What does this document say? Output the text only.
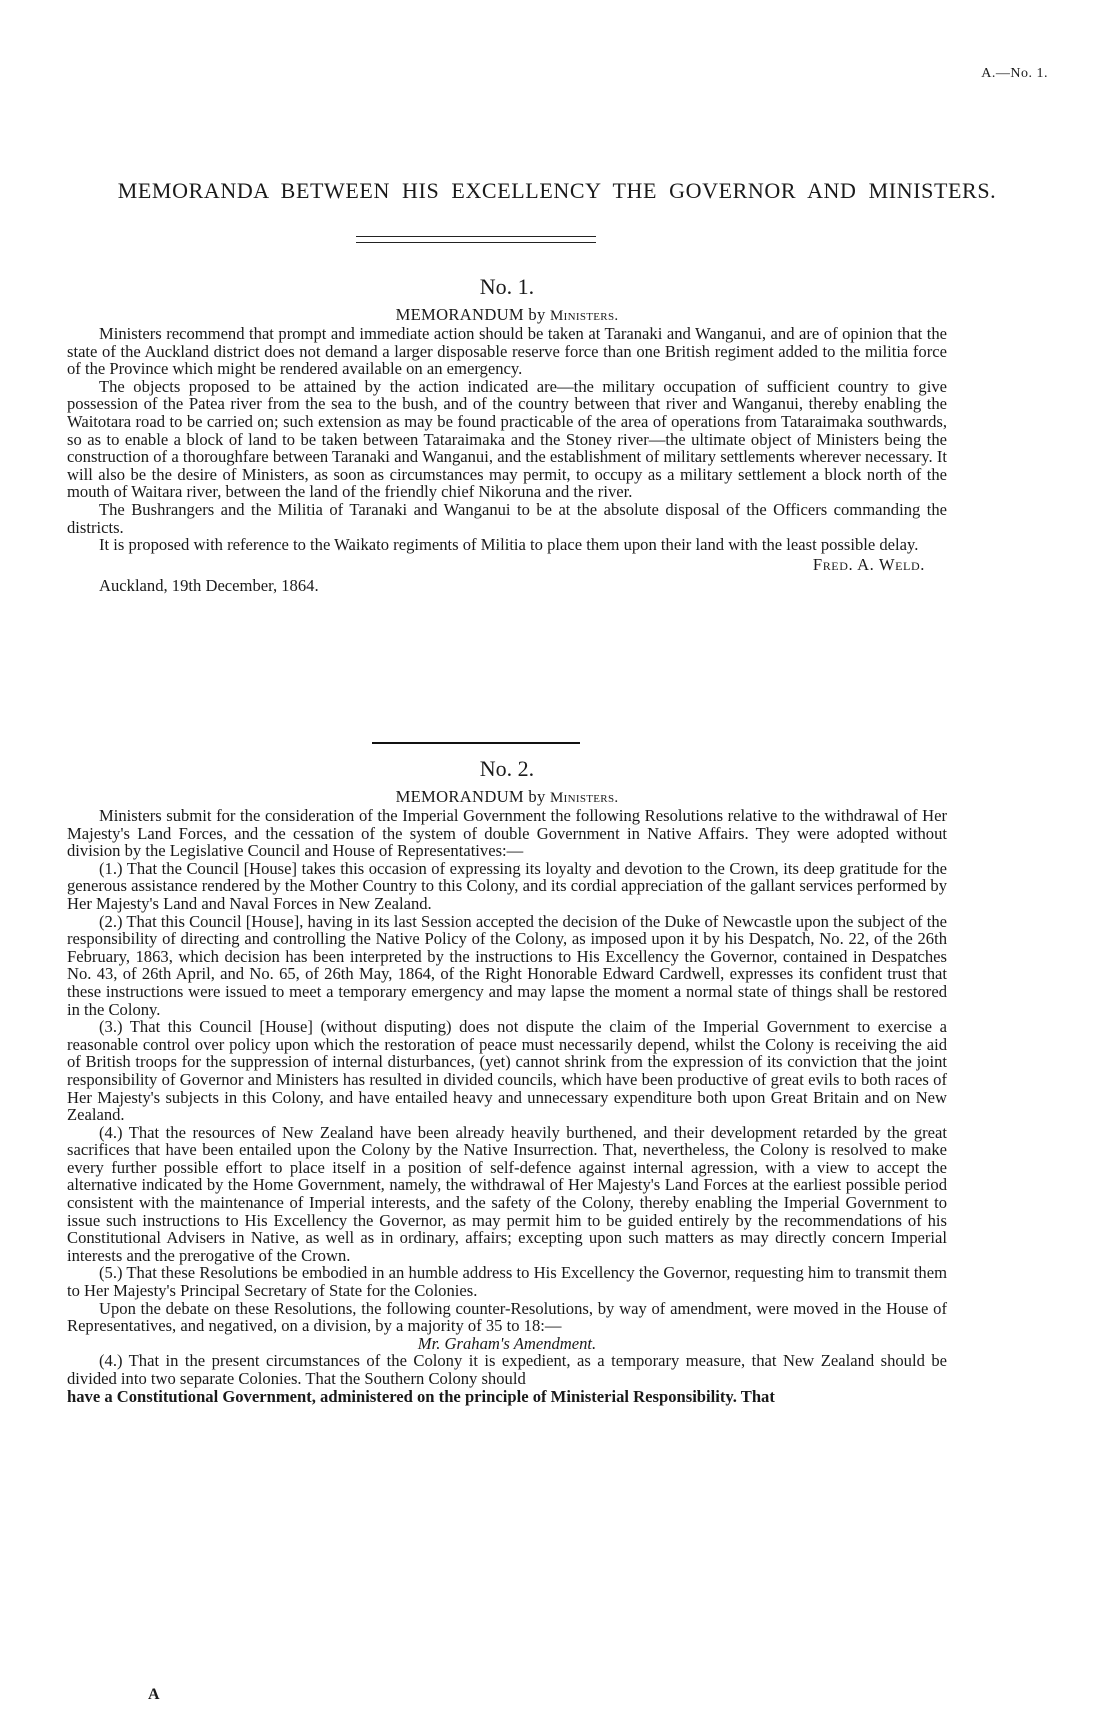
A.—No. 1.
MEMORANDA BETWEEN HIS EXCELLENCY THE GOVERNOR AND MINISTERS.
No. 1.
MEMORANDUM by Ministers.

Ministers recommend that prompt and immediate action should be taken at Taranaki and Wanganui, and are of opinion that the state of the Auckland district does not demand a larger disposable reserve force than one British regiment added to the militia force of the Province which might be rendered available on an emergency.

The objects proposed to be attained by the action indicated are—the military occupation of sufficient country to give possession of the Patea river from the sea to the bush, and of the country between that river and Wanganui, thereby enabling the Waitotara road to be carried on; such extension as may be found practicable of the area of operations from Tataraimaka southwards, so as to enable a block of land to be taken between Tataraimaka and the Stoney river—the ultimate object of Ministers being the construction of a thoroughfare between Taranaki and Wanganui, and the establishment of military settlements wherever necessary. It will also be the desire of Ministers, as soon as circumstances may permit, to occupy as a military settlement a block north of the mouth of Waitara river, between the land of the friendly chief Nikoruna and the river.

The Bushrangers and the Militia of Taranaki and Wanganui to be at the absolute disposal of the Officers commanding the districts.

It is proposed with reference to the Waikato regiments of Militia to place them upon their land with the least possible delay.

Fred. A. Weld.

Auckland, 19th December, 1864.

No. 2.
MEMORANDUM by Ministers.

Ministers submit for the consideration of the Imperial Government the following Resolutions relative to the withdrawal of Her Majesty's Land Forces, and the cessation of the system of double Government in Native Affairs. They were adopted without division by the Legislative Council and House of Representatives:—

(1.) That the Council [House] takes this occasion of expressing its loyalty and devotion to the Crown, its deep gratitude for the generous assistance rendered by the Mother Country to this Colony, and its cordial appreciation of the gallant services performed by Her Majesty's Land and Naval Forces in New Zealand.

(2.) That this Council [House], having in its last Session accepted the decision of the Duke of Newcastle upon the subject of the responsibility of directing and controlling the Native Policy of the Colony, as imposed upon it by his Despatch, No. 22, of the 26th February, 1863, which decision has been interpreted by the instructions to His Excellency the Governor, contained in Despatches No. 43, of 26th April, and No. 65, of 26th May, 1864, of the Right Honorable Edward Cardwell, expresses its confident trust that these instructions were issued to meet a temporary emergency and may lapse the moment a normal state of things shall be restored in the Colony.

(3.) That this Council [House] (without disputing) does not dispute the claim of the Imperial Government to exercise a reasonable control over policy upon which the restoration of peace must necessarily depend, whilst the Colony is receiving the aid of British troops for the suppression of internal disturbances, (yet) cannot shrink from the expression of its conviction that the joint responsibility of Governor and Ministers has resulted in divided councils, which have been productive of great evils to both races of Her Majesty's subjects in this Colony, and have entailed heavy and unnecessary expenditure both upon Great Britain and on New Zealand.

(4.) That the resources of New Zealand have been already heavily burthened, and their development retarded by the great sacrifices that have been entailed upon the Colony by the Native Insurrection. That, nevertheless, the Colony is resolved to make every further possible effort to place itself in a position of self-defence against internal agression, with a view to accept the alternative indicated by the Home Government, namely, the withdrawal of Her Majesty's Land Forces at the earliest possible period consistent with the maintenance of Imperial interests, and the safety of the Colony, thereby enabling the Imperial Government to issue such instructions to His Excellency the Governor, as may permit him to be guided entirely by the recommendations of his Constitutional Advisers in Native, as well as in ordinary, affairs; excepting upon such matters as may directly concern Imperial interests and the prerogative of the Crown.

(5.) That these Resolutions be embodied in an humble address to His Excellency the Governor, requesting him to transmit them to Her Majesty's Principal Secretary of State for the Colonies.

Upon the debate on these Resolutions, the following counter-Resolutions, by way of amendment, were moved in the House of Representatives, and negatived, on a division, by a majority of 35 to 18:—

Mr. Graham's Amendment.

(4.) That in the present circumstances of the Colony it is expedient, as a temporary measure, that New Zealand should be divided into two separate Colonies. That the Southern Colony should

have a Constitutional Government, administered on the principle of Ministerial Responsibility. That

A
